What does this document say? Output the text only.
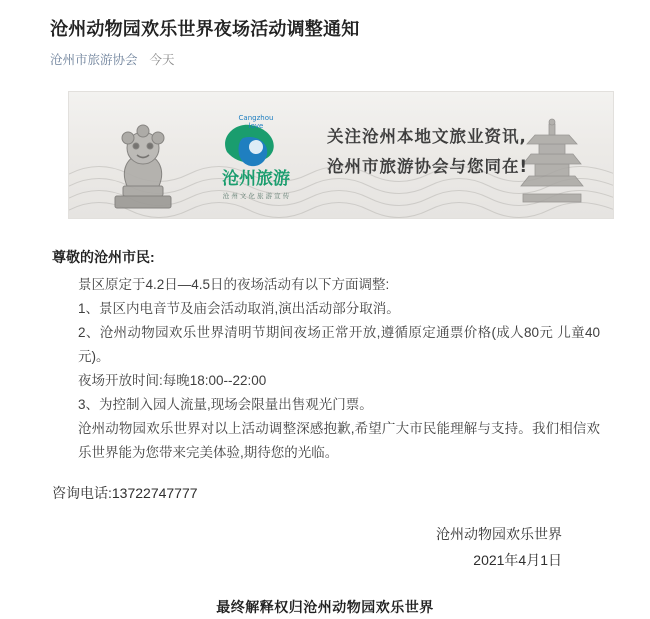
沧州动物园欢乐世界夜场活动调整通知
沧州市旅游协会 今天
Cangzhou
love
沧州旅游
沧 州 文 化 旅 游 宣 传
关注沧州本地文旅业资讯,
沧州市旅游协会与您同在!
尊敬的沧州市民:
景区原定于4.2日—4.5日的夜场活动有以下方面调整:
1、景区内电音节及庙会活动取消,演出活动部分取消。
2、沧州动物园欢乐世界清明节期间夜场正常开放,遵循原定通票价格(成人80元 儿童40元)。
夜场开放时间:每晚18:00--22:00
3、为控制入园人流量,现场会限量出售观光门票。
沧州动物园欢乐世界对以上活动调整深感抱歉,希望广大市民能理解与支持。我们相信欢乐世界能为您带来完美体验,期待您的光临。
咨询电话:13722747777
沧州动物园欢乐世界
2021年4月1日
最终解释权归沧州动物园欢乐世界
